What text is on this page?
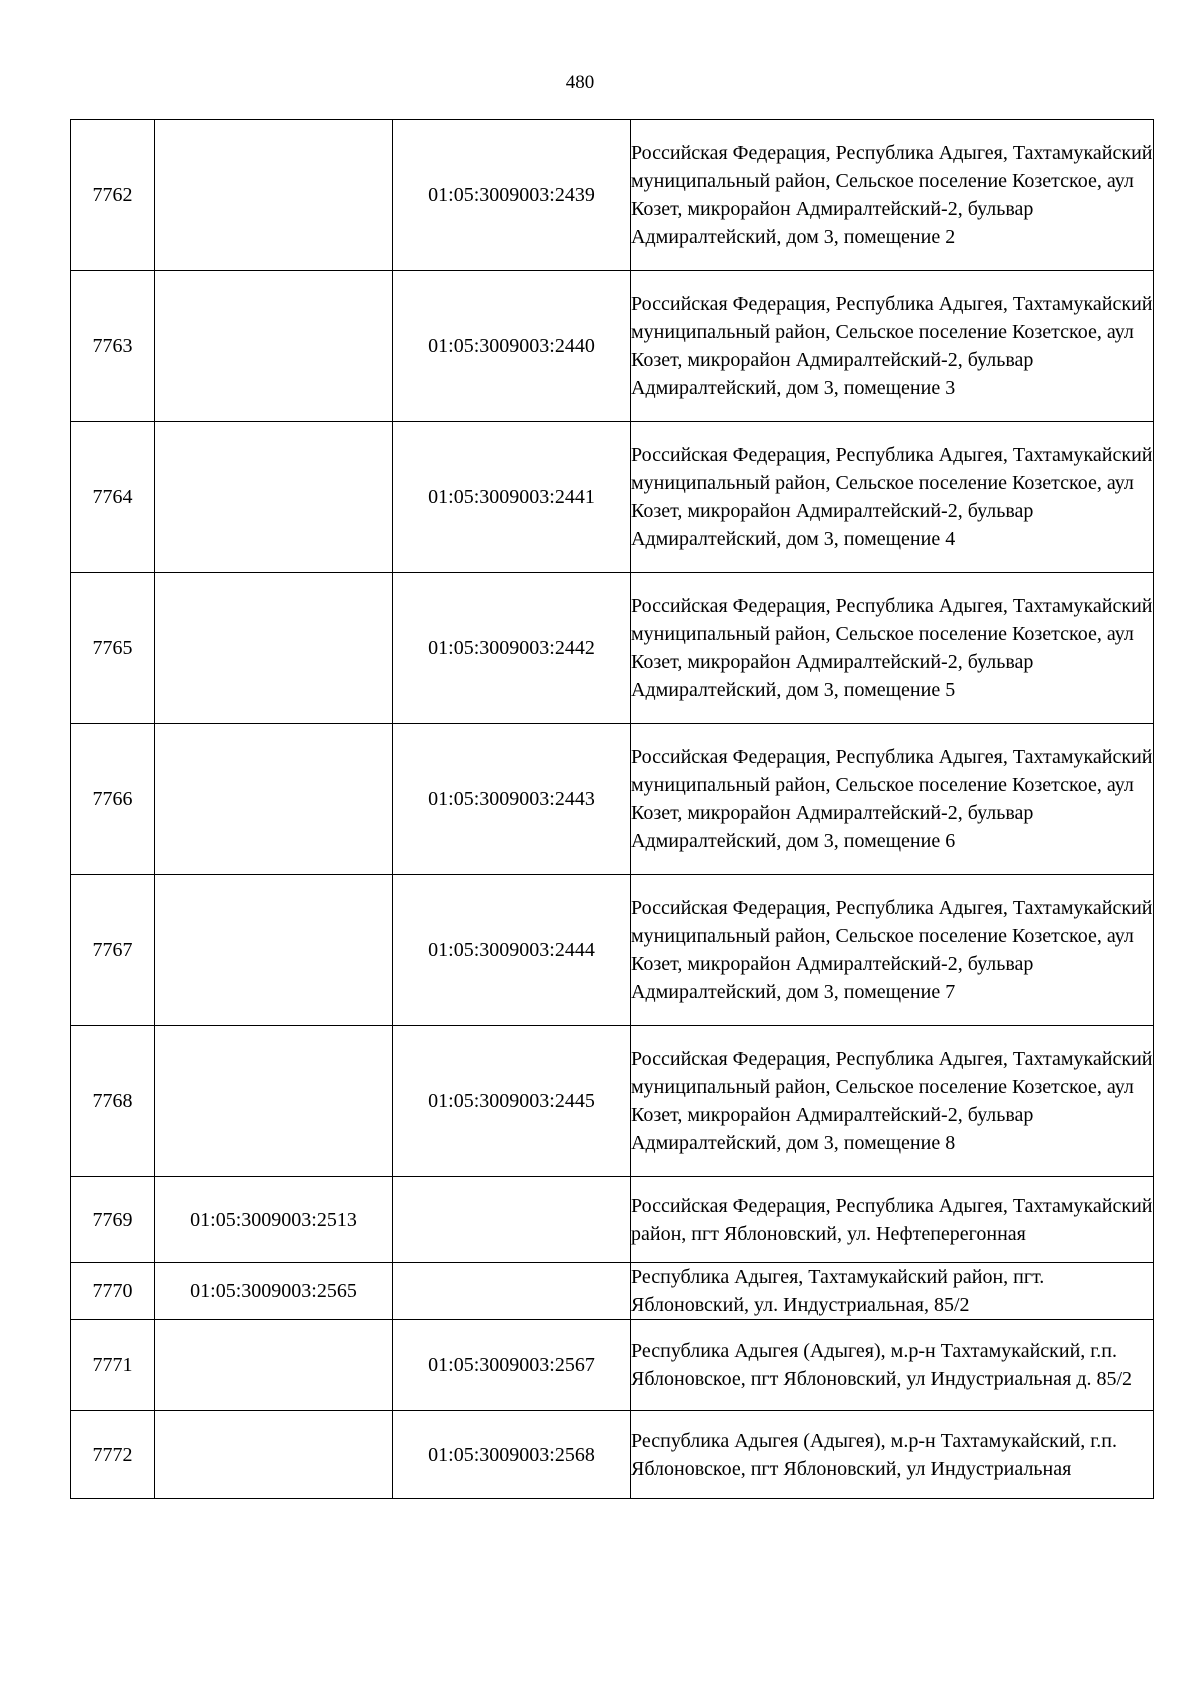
480
7762		01:05:3009003:2439	Российская Федерация, Республика Адыгея, Тахтамукайский муниципальный район, Сельское поселение Козетское, аул Козет, микрорайон Адмиралтейский-2, бульвар Адмиралтейский, дом 3, помещение 2
7763		01:05:3009003:2440	Российская Федерация, Республика Адыгея, Тахтамукайский муниципальный район, Сельское поселение Козетское, аул Козет, микрорайон Адмиралтейский-2, бульвар Адмиралтейский, дом 3, помещение 3
7764		01:05:3009003:2441	Российская Федерация, Республика Адыгея, Тахтамукайский муниципальный район, Сельское поселение Козетское, аул Козет, микрорайон Адмиралтейский-2, бульвар Адмиралтейский, дом 3, помещение 4
7765		01:05:3009003:2442	Российская Федерация, Республика Адыгея, Тахтамукайский муниципальный район, Сельское поселение Козетское, аул Козет, микрорайон Адмиралтейский-2, бульвар Адмиралтейский, дом 3, помещение 5
7766		01:05:3009003:2443	Российская Федерация, Республика Адыгея, Тахтамукайский муниципальный район, Сельское поселение Козетское, аул Козет, микрорайон Адмиралтейский-2, бульвар Адмиралтейский, дом 3, помещение 6
7767		01:05:3009003:2444	Российская Федерация, Республика Адыгея, Тахтамукайский муниципальный район, Сельское поселение Козетское, аул Козет, микрорайон Адмиралтейский-2, бульвар Адмиралтейский, дом 3, помещение 7
7768		01:05:3009003:2445	Российская Федерация, Республика Адыгея, Тахтамукайский муниципальный район, Сельское поселение Козетское, аул Козет, микрорайон Адмиралтейский-2, бульвар Адмиралтейский, дом 3, помещение 8
7769	01:05:3009003:2513		Российская Федерация, Республика Адыгея, Тахтамукайский район, пгт Яблоновский, ул. Нефтеперегонная
7770	01:05:3009003:2565		Республика Адыгея, Тахтамукайский район, пгт. Яблоновский, ул. Индустриальная, 85/2
7771		01:05:3009003:2567	Республика Адыгея (Адыгея), м.р-н Тахтамукайский, г.п. Яблоновское, пгт Яблоновский, ул Индустриальная д. 85/2
7772		01:05:3009003:2568	Республика Адыгея (Адыгея), м.р-н Тахтамукайский, г.п. Яблоновское, пгт Яблоновский, ул Индустриальная
